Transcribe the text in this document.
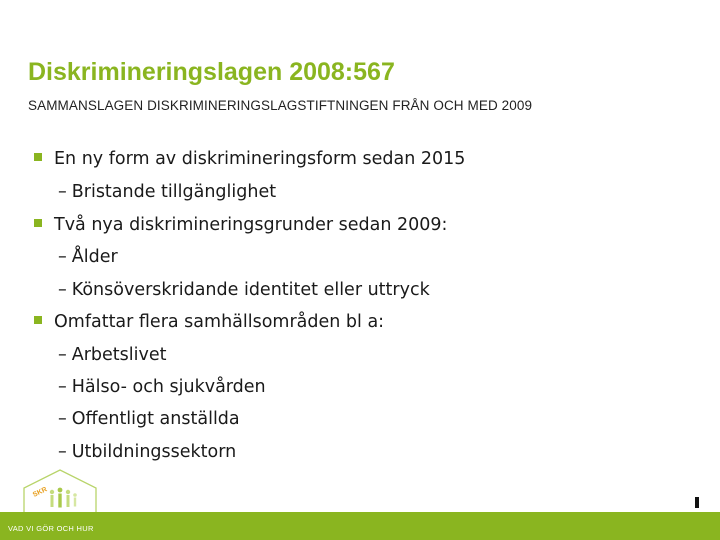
Diskrimineringslagen 2008:567
SAMMANSLAGEN DISKRIMINERINGSLAGSTIFTNINGEN FRÅN OCH MED 2009
En ny form av diskrimineringsform sedan 2015
– Bristande tillgänglighet
Två nya diskrimineringsgrunder sedan 2009:
– Ålder
– Könsöverskridande identitet eller uttryck
Omfattar flera samhällsområden bl a:
– Arbetslivet
– Hälso- och sjukvården
– Offentligt anställda
– Utbildningssektorn
SKR
VAD VI GÖR OCH HUR
